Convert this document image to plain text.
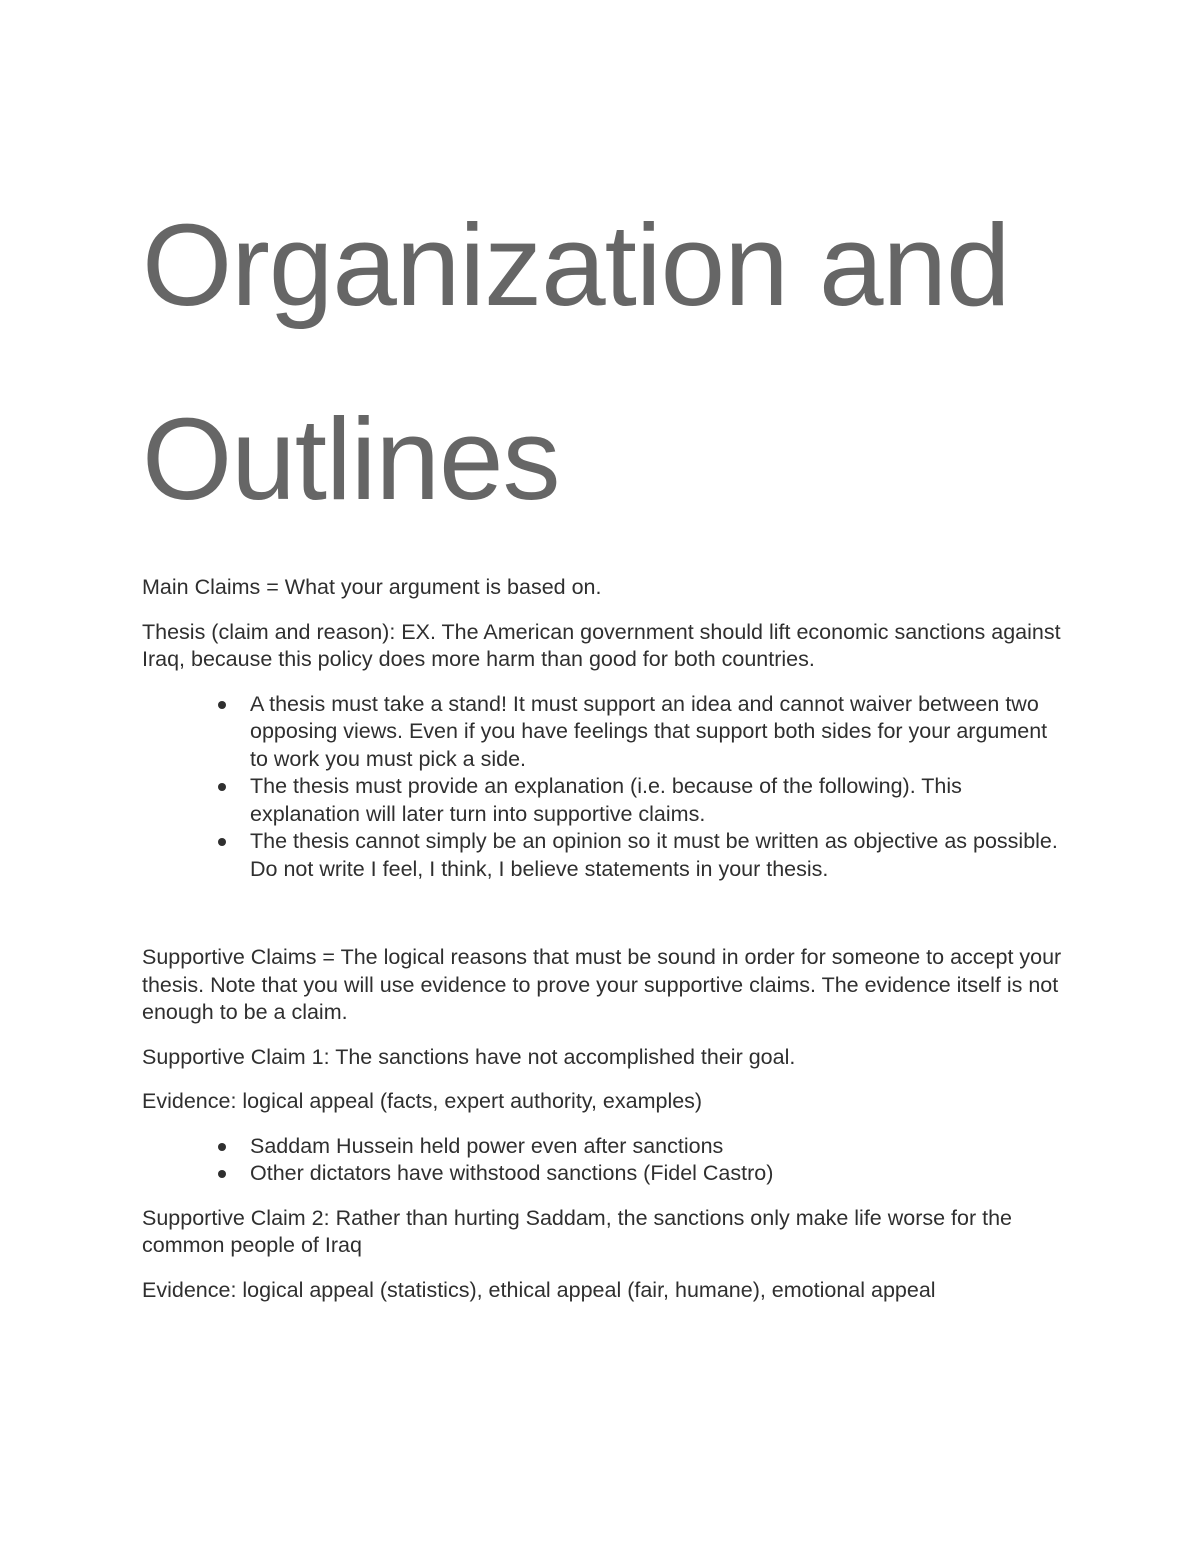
Organization and
Outlines

Main Claims = What your argument is based on.

Thesis (claim and reason): EX. The American government should lift economic sanctions against Iraq, because this policy does more harm than good for both countries.

A thesis must take a stand! It must support an idea and cannot waiver between two opposing views. Even if you have feelings that support both sides for your argument to work you must pick a side.
The thesis must provide an explanation (i.e. because of the following). This explanation will later turn into supportive claims.
The thesis cannot simply be an opinion so it must be written as objective as possible. Do not write I feel, I think, I believe statements in your thesis.

Supportive Claims = The logical reasons that must be sound in order for someone to accept your thesis. Note that you will use evidence to prove your supportive claims. The evidence itself is not enough to be a claim.

Supportive Claim 1: The sanctions have not accomplished their goal.

Evidence: logical appeal (facts, expert authority, examples)

Saddam Hussein held power even after sanctions
Other dictators have withstood sanctions (Fidel Castro)

Supportive Claim 2: Rather than hurting Saddam, the sanctions only make life worse for the common people of Iraq

Evidence: logical appeal (statistics), ethical appeal (fair, humane), emotional appeal
